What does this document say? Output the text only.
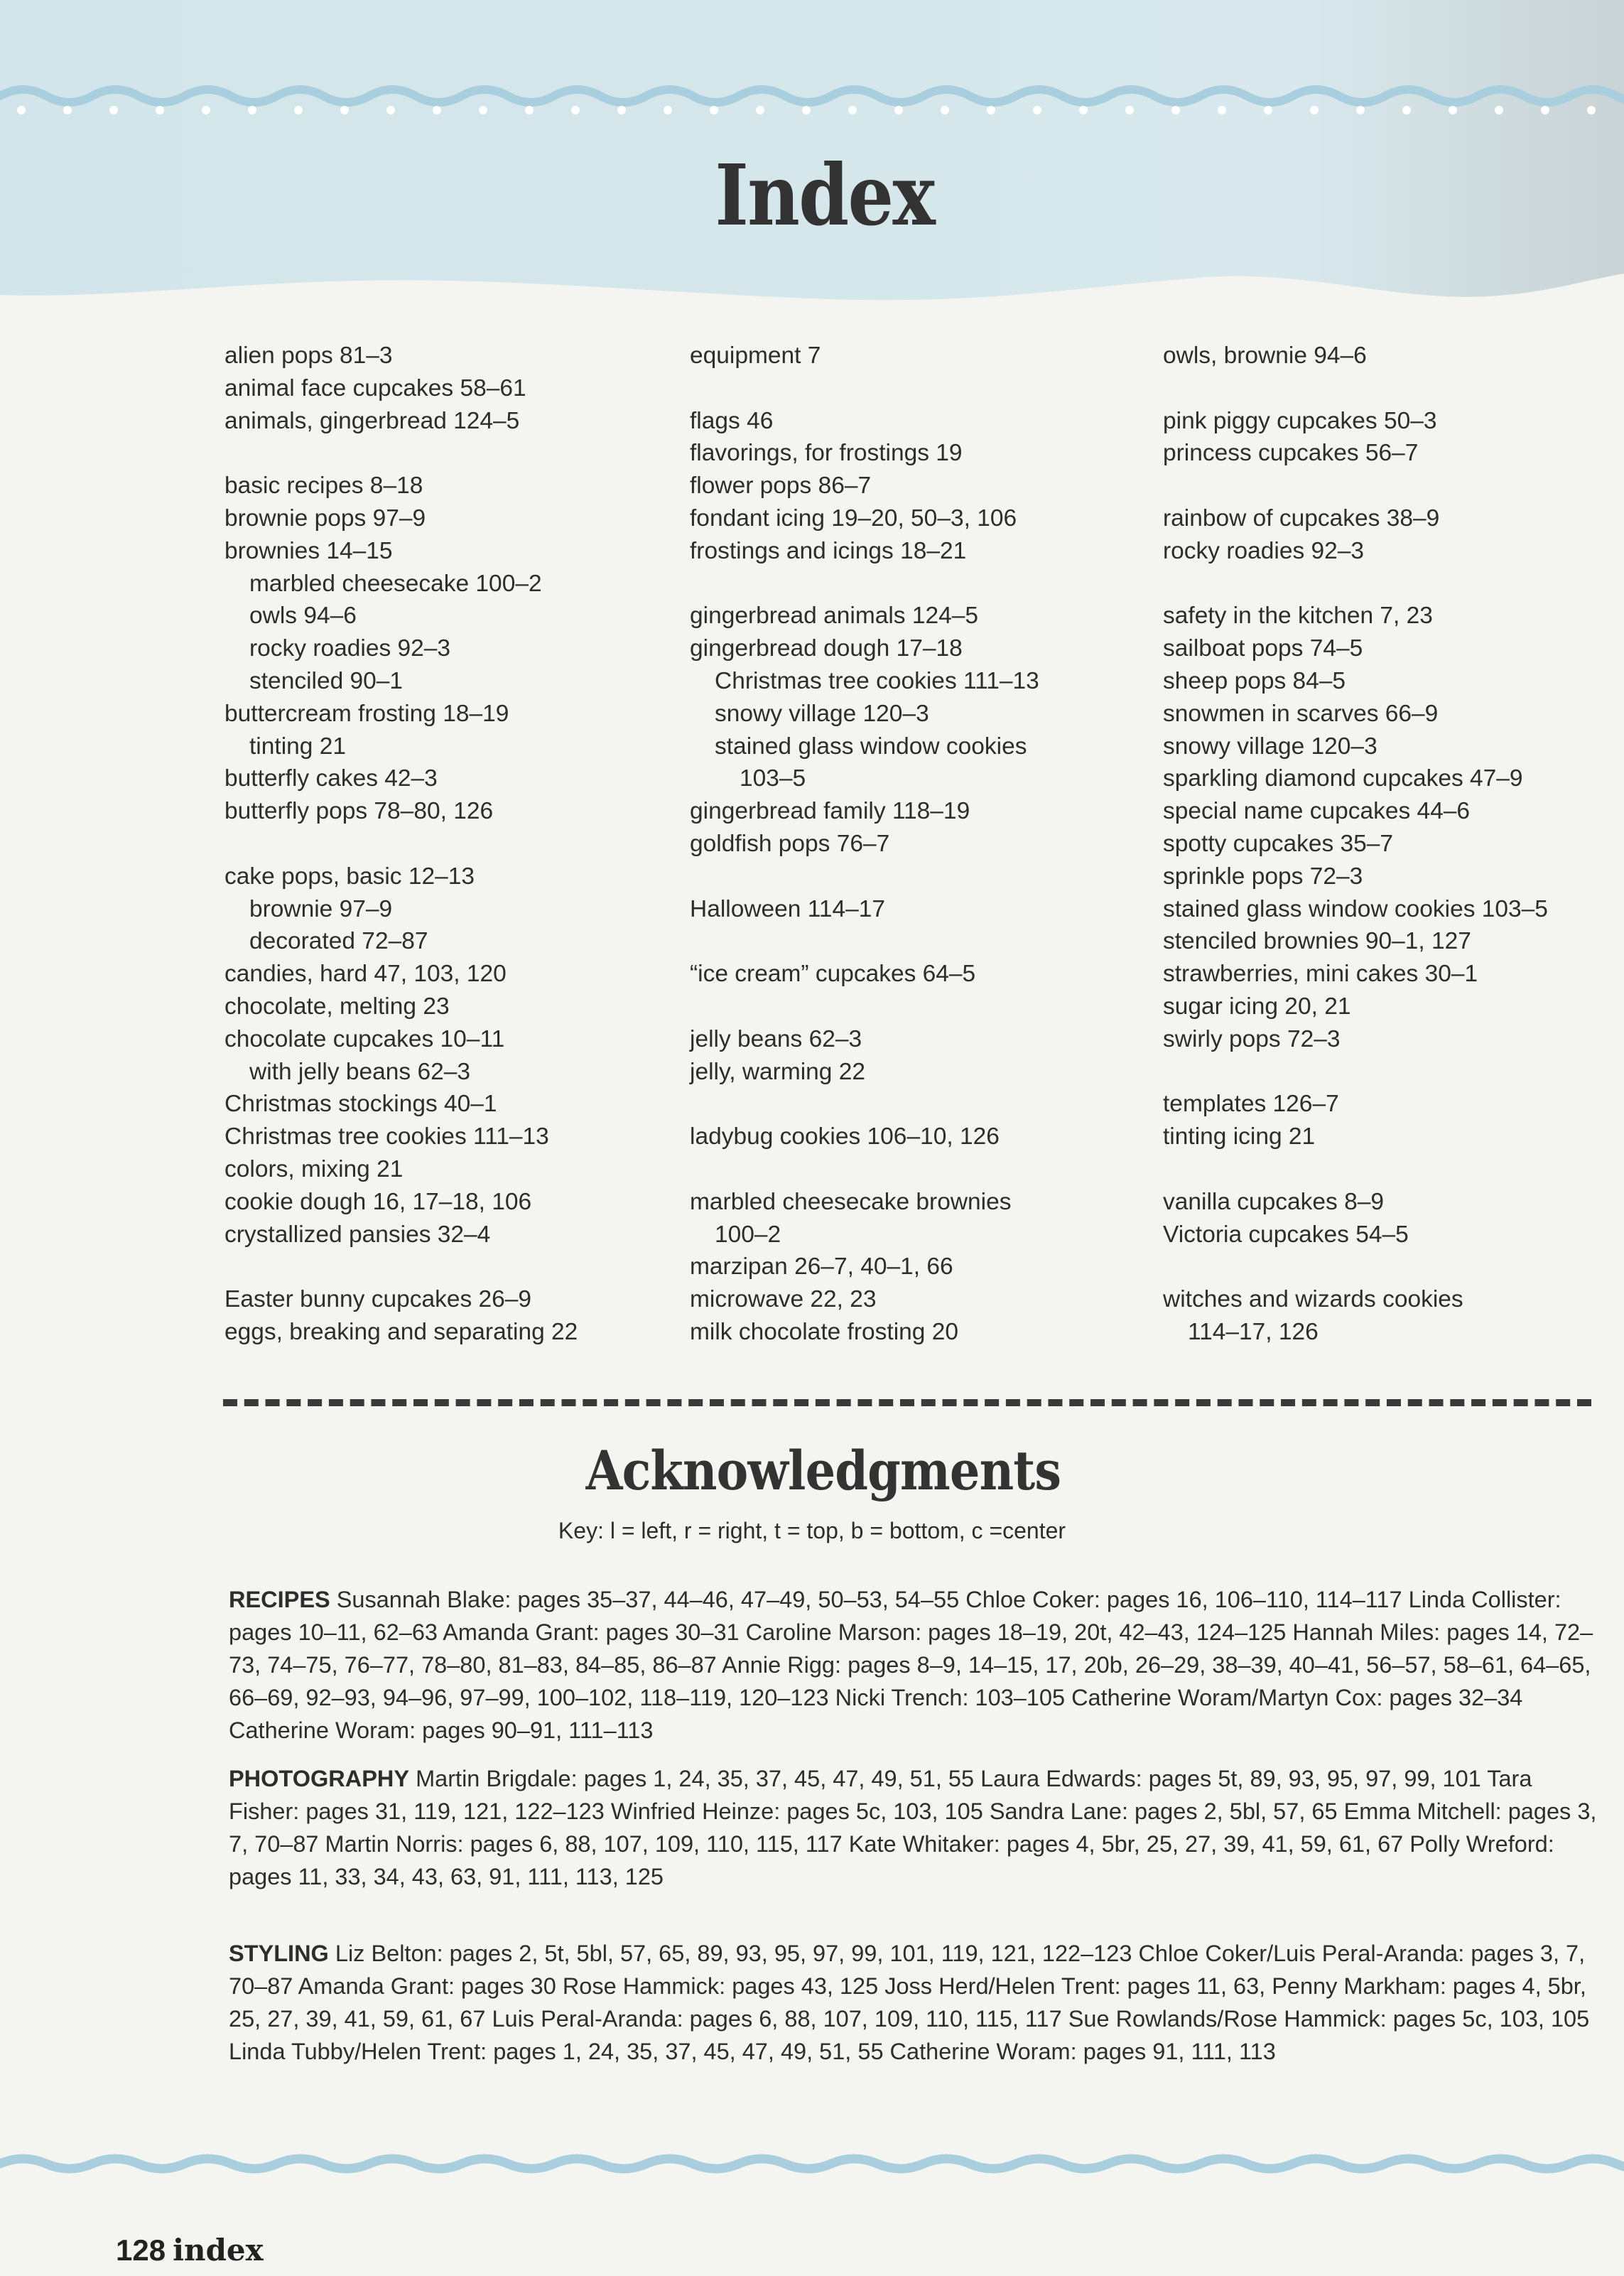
Index
alien pops 81–3
animal face cupcakes 58–61
animals, gingerbread 124–5
basic recipes 8–18
brownie pops 97–9
brownies 14–15
marbled cheesecake 100–2
owls 94–6
rocky roadies 92–3
stenciled 90–1
buttercream frosting 18–19
tinting 21
butterfly cakes 42–3
butterfly pops 78–80, 126
cake pops, basic 12–13
brownie 97–9
decorated 72–87
candies, hard 47, 103, 120
chocolate, melting 23
chocolate cupcakes 10–11
with jelly beans 62–3
Christmas stockings 40–1
Christmas tree cookies 111–13
colors, mixing 21
cookie dough 16, 17–18, 106
crystallized pansies 32–4
Easter bunny cupcakes 26–9
eggs, breaking and separating 22
equipment 7
flags 46
flavorings, for frostings 19
flower pops 86–7
fondant icing 19–20, 50–3, 106
frostings and icings 18–21
gingerbread animals 124–5
gingerbread dough 17–18
Christmas tree cookies 111–13
snowy village 120–3
stained glass window cookies
103–5
gingerbread family 118–19
goldfish pops 76–7
Halloween 114–17
“ice cream” cupcakes 64–5
jelly beans 62–3
jelly, warming 22
ladybug cookies 106–10, 126
marbled cheesecake brownies
100–2
marzipan 26–7, 40–1, 66
microwave 22, 23
milk chocolate frosting 20
owls, brownie 94–6
pink piggy cupcakes 50–3
princess cupcakes 56–7
rainbow of cupcakes 38–9
rocky roadies 92–3
safety in the kitchen 7, 23
sailboat pops 74–5
sheep pops 84–5
snowmen in scarves 66–9
snowy village 120–3
sparkling diamond cupcakes 47–9
special name cupcakes 44–6
spotty cupcakes 35–7
sprinkle pops 72–3
stained glass window cookies 103–5
stenciled brownies 90–1, 127
strawberries, mini cakes 30–1
sugar icing 20, 21
swirly pops 72–3
templates 126–7
tinting icing 21
vanilla cupcakes 8–9
Victoria cupcakes 54–5
witches and wizards cookies
114–17, 126
Acknowledgments
Key: l = left, r = right, t = top, b = bottom, c =center
RECIPES Susannah Blake: pages 35–37, 44–46, 47–49, 50–53, 54–55 Chloe Coker: pages 16, 106–110, 114–117 Linda Collister: pages 10–11, 62–63 Amanda Grant: pages 30–31 Caroline Marson: pages 18–19, 20t, 42–43, 124–125 Hannah Miles: pages 14, 72–73, 74–75, 76–77, 78–80, 81–83, 84–85, 86–87 Annie Rigg: pages 8–9, 14–15, 17, 20b, 26–29, 38–39, 40–41, 56–57, 58–61, 64–65, 66–69, 92–93, 94–96, 97–99, 100–102, 118–119, 120–123 Nicki Trench: 103–105 Catherine Woram/Martyn Cox: pages 32–34 Catherine Woram: pages 90–91, 111–113
PHOTOGRAPHY Martin Brigdale: pages 1, 24, 35, 37, 45, 47, 49, 51, 55 Laura Edwards: pages 5t, 89, 93, 95, 97, 99, 101 Tara Fisher: pages 31, 119, 121, 122–123 Winfried Heinze: pages 5c, 103, 105 Sandra Lane: pages 2, 5bl, 57, 65 Emma Mitchell: pages 3, 7, 70–87 Martin Norris: pages 6, 88, 107, 109, 110, 115, 117 Kate Whitaker: pages 4, 5br, 25, 27, 39, 41, 59, 61, 67 Polly Wreford: pages 11, 33, 34, 43, 63, 91, 111, 113, 125
STYLING Liz Belton: pages 2, 5t, 5bl, 57, 65, 89, 93, 95, 97, 99, 101, 119, 121, 122–123 Chloe Coker/Luis Peral-Aranda: pages 3, 7, 70–87 Amanda Grant: pages 30 Rose Hammick: pages 43, 125 Joss Herd/Helen Trent: pages 11, 63, Penny Markham: pages 4, 5br, 25, 27, 39, 41, 59, 61, 67 Luis Peral-Aranda: pages 6, 88, 107, 109, 110, 115, 117 Sue Rowlands/Rose Hammick: pages 5c, 103, 105 Linda Tubby/Helen Trent: pages 1, 24, 35, 37, 45, 47, 49, 51, 55 Catherine Woram: pages 91, 111, 113
128 index
